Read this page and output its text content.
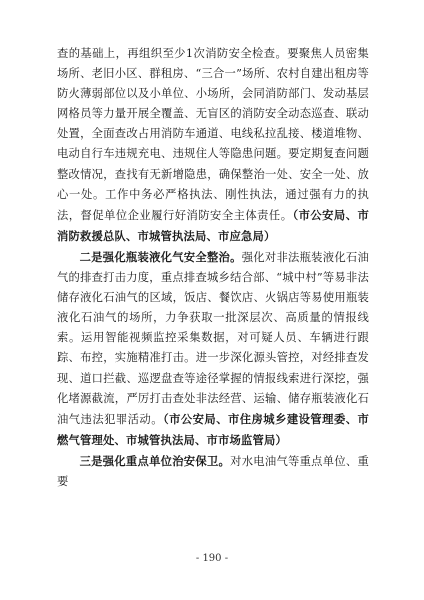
查的基础上，再组织至少1次消防安全检查。要聚焦人员密集场所、老旧小区、群租房、“三合一”场所、农村自建出租房等防火薄弱部位以及小单位、小场所，会同消防部门、发动基层网格员等力量开展全覆盖、无盲区的消防安全动态巡查、联动处置，全面查改占用消防车通道、电线私拉乱接、楼道堆物、电动自行车违规充电、违规住人等隐患问题。要定期复查问题整改情况，查找有无新增隐患，确保整治一处、安全一处、放心一处。工作中务必严格执法、刚性执法，通过强有力的执法，督促单位企业履行好消防安全主体责任。（市公安局、市消防救援总队、市城管执法局、市应急局）

二是强化瓶装液化气安全整治。强化对非法瓶装液化石油气的排查打击力度，重点排查城乡结合部、“城中村”等易非法储存液化石油气的区域，饭店、餐饮店、火锅店等易使用瓶装液化石油气的场所，力争获取一批深层次、高质量的情报线索。运用智能视频监控采集数据，对可疑人员、车辆进行跟踪、布控，实施精准打击。进一步深化源头管控，对经排查发现、道口拦截、巡逻盘查等途径掌握的情报线索进行深挖，强化堵源截流，严厉打击查处非法经营、运输、储存瓶装液化石油气违法犯罪活动。（市公安局、市住房城乡建设管理委、市燃气管理处、市城管执法局、市市场监管局）

三是强化重点单位治安保卫。对水电油气等重点单位、重要

- 190 -
